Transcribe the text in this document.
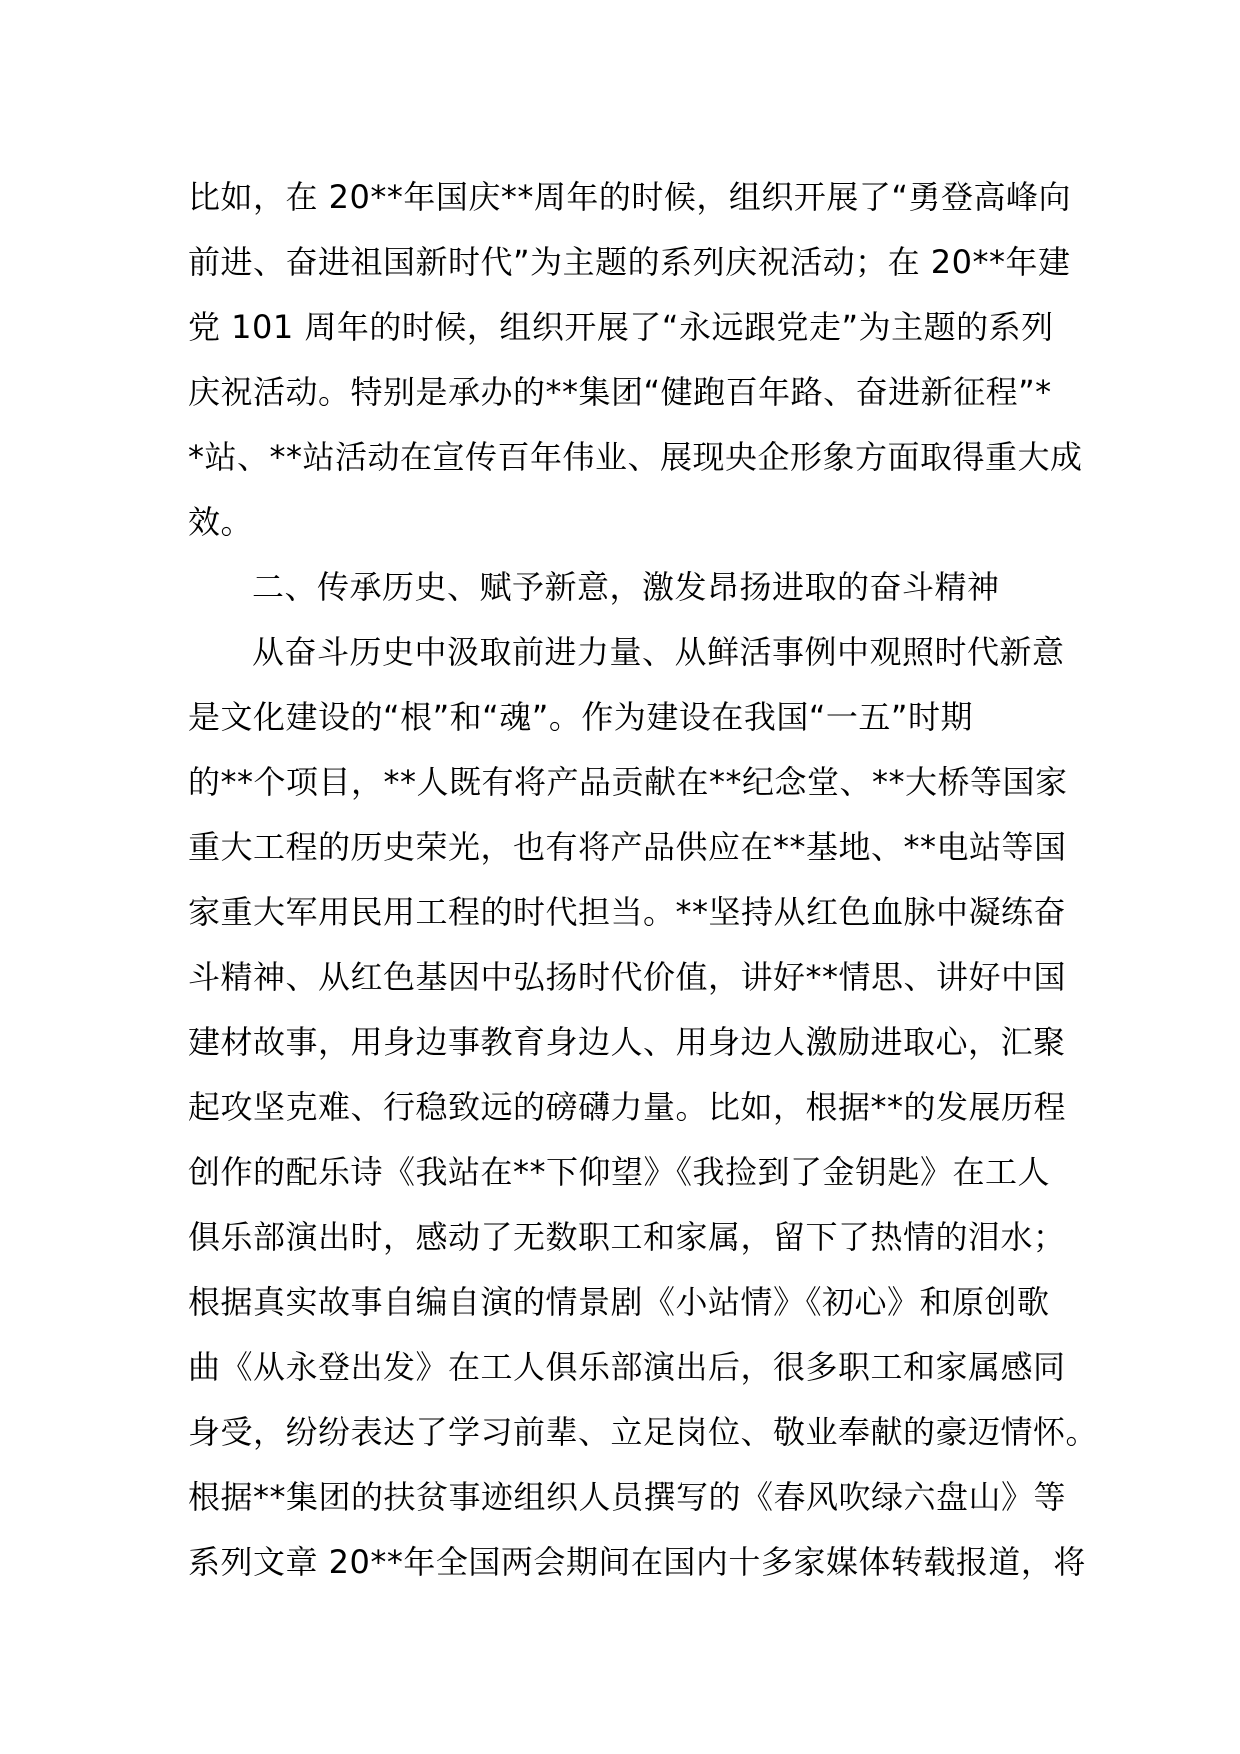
比如，在 20**年国庆**周年的时候，组织开展了“勇登高峰向
前进、奋进祖国新时代”为主题的系列庆祝活动；在 20**年建
党 101 周年的时候，组织开展了“永远跟党走”为主题的系列
庆祝活动。特别是承办的**集团“健跑百年路、奋进新征程”*
*站、**站活动在宣传百年伟业、展现央企形象方面取得重大成
效。
二、传承历史、赋予新意，激发昂扬进取的奋斗精神
从奋斗历史中汲取前进力量、从鲜活事例中观照时代新意
是文化建设的“根”和“魂”。作为建设在我国“一五”时期
的**个项目，**人既有将产品贡献在**纪念堂、**大桥等国家
重大工程的历史荣光，也有将产品供应在**基地、**电站等国
家重大军用民用工程的时代担当。**坚持从红色血脉中凝练奋
斗精神、从红色基因中弘扬时代价值，讲好**情思、讲好中国
建材故事，用身边事教育身边人、用身边人激励进取心，汇聚
起攻坚克难、行稳致远的磅礴力量。比如，根据**的发展历程
创作的配乐诗《我站在**下仰望》《我捡到了金钥匙》在工人
俱乐部演出时，感动了无数职工和家属，留下了热情的泪水；
根据真实故事自编自演的情景剧《小站情》《初心》和原创歌
曲《从永登出发》在工人俱乐部演出后，很多职工和家属感同
身受，纷纷表达了学习前辈、立足岗位、敬业奉献的豪迈情怀。
根据**集团的扶贫事迹组织人员撰写的《春风吹绿六盘山》等
系列文章 20**年全国两会期间在国内十多家媒体转载报道，将
